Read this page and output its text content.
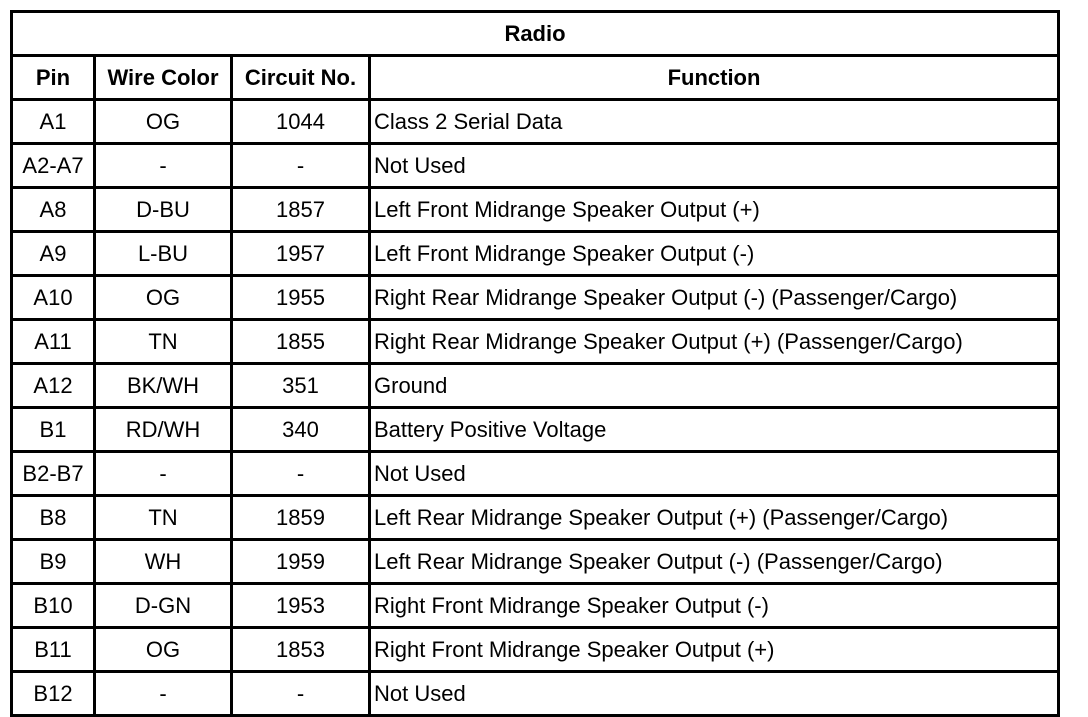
Radio			
Pin	Wire Color	Circuit No.	Function
A1	OG	1044	Class 2 Serial Data
A2-A7	-	-	Not Used
A8	D-BU	1857	Left Front Midrange Speaker Output (+)
A9	L-BU	1957	Left Front Midrange Speaker Output (-)
A10	OG	1955	Right Rear Midrange Speaker Output (-) (Passenger/Cargo)
A11	TN	1855	Right Rear Midrange Speaker Output (+) (Passenger/Cargo)
A12	BK/WH	351	Ground
B1	RD/WH	340	Battery Positive Voltage
B2-B7	-	-	Not Used
B8	TN	1859	Left Rear Midrange Speaker Output (+) (Passenger/Cargo)
B9	WH	1959	Left Rear Midrange Speaker Output (-) (Passenger/Cargo)
B10	D-GN	1953	Right Front Midrange Speaker Output (-)
B11	OG	1853	Right Front Midrange Speaker Output (+)
B12	-	-	Not Used
